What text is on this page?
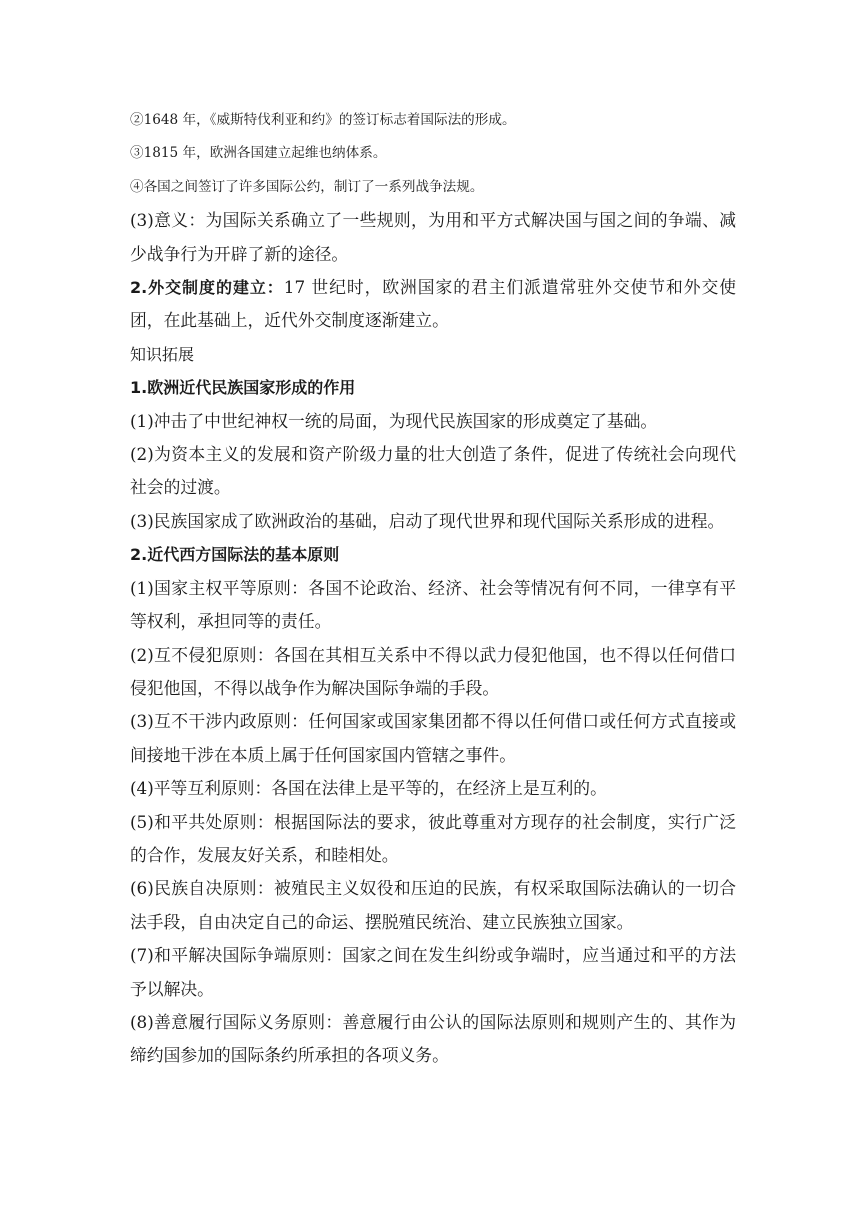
②1648 年，《威斯特伐利亚和约》的签订标志着国际法的形成。

③1815 年，欧洲各国建立起维也纳体系。

④各国之间签订了许多国际公约，制订了一系列战争法规。

(3)意义：为国际关系确立了一些规则，为用和平方式解决国与国之间的争端、减少战争行为开辟了新的途径。

2.外交制度的建立：17 世纪时，欧洲国家的君主们派遣常驻外交使节和外交使团，在此基础上，近代外交制度逐渐建立。

知识拓展

1.欧洲近代民族国家形成的作用

(1)冲击了中世纪神权一统的局面，为现代民族国家的形成奠定了基础。

(2)为资本主义的发展和资产阶级力量的壮大创造了条件，促进了传统社会向现代社会的过渡。

(3)民族国家成了欧洲政治的基础，启动了现代世界和现代国际关系形成的进程。

2.近代西方国际法的基本原则

(1)国家主权平等原则：各国不论政治、经济、社会等情况有何不同，一律享有平等权利，承担同等的责任。

(2)互不侵犯原则：各国在其相互关系中不得以武力侵犯他国，也不得以任何借口侵犯他国，不得以战争作为解决国际争端的手段。

(3)互不干涉内政原则：任何国家或国家集团都不得以任何借口或任何方式直接或间接地干涉在本质上属于任何国家国内管辖之事件。

(4)平等互利原则：各国在法律上是平等的，在经济上是互利的。

(5)和平共处原则：根据国际法的要求，彼此尊重对方现存的社会制度，实行广泛的合作，发展友好关系，和睦相处。

(6)民族自决原则：被殖民主义奴役和压迫的民族，有权采取国际法确认的一切合法手段，自由决定自己的命运、摆脱殖民统治、建立民族独立国家。

(7)和平解决国际争端原则：国家之间在发生纠纷或争端时，应当通过和平的方法予以解决。

(8)善意履行国际义务原则：善意履行由公认的国际法原则和规则产生的、其作为缔约国参加的国际条约所承担的各项义务。
